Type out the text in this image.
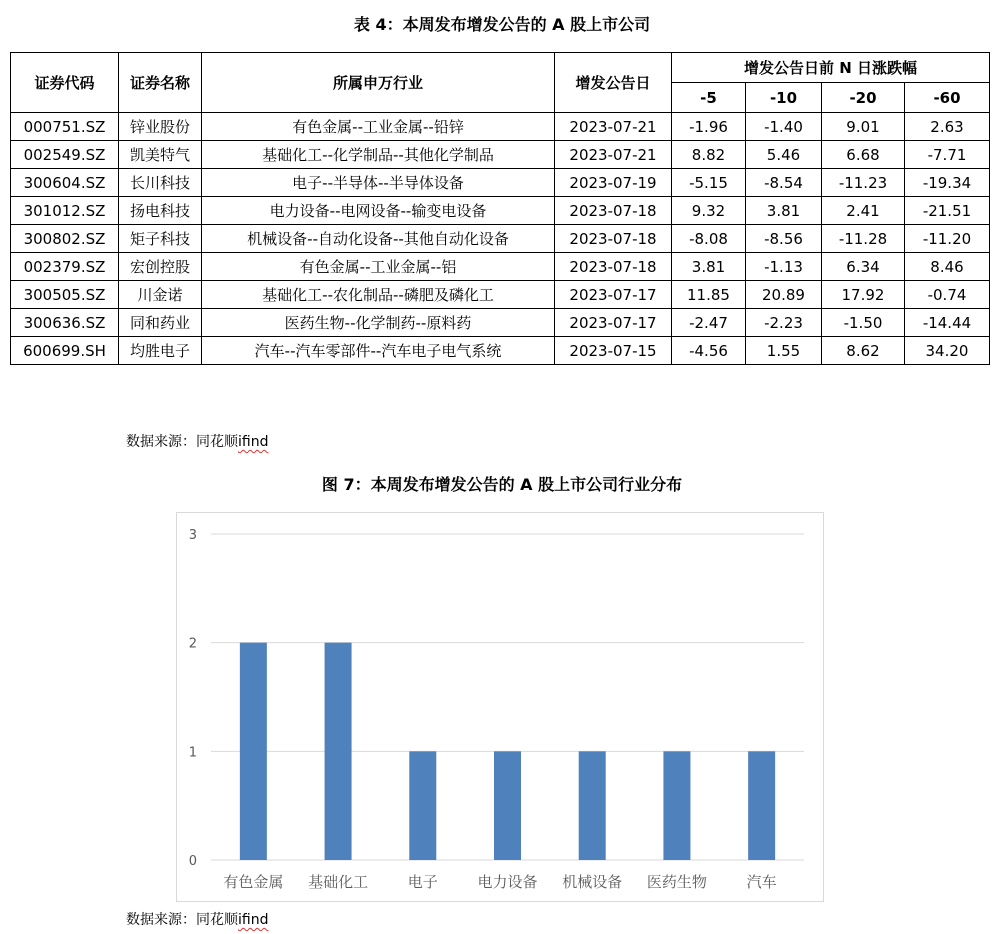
表 4：本周发布增发公告的 A 股上市公司
证券代码	证券名称	所属申万行业	增发公告日	增发公告日前 N 日涨跌幅			
				-5	-10	-20	-60
000751.SZ	锌业股份	有色金属--工业金属--铅锌	2023-07-21	-1.96	-1.40	9.01	2.63
002549.SZ	凯美特气	基础化工--化学制品--其他化学制品	2023-07-21	8.82	5.46	6.68	-7.71
300604.SZ	长川科技	电子--半导体--半导体设备	2023-07-19	-5.15	-8.54	-11.23	-19.34
301012.SZ	扬电科技	电力设备--电网设备--输变电设备	2023-07-18	9.32	3.81	2.41	-21.51
300802.SZ	矩子科技	机械设备--自动化设备--其他自动化设备	2023-07-18	-8.08	-8.56	-11.28	-11.20
002379.SZ	宏创控股	有色金属--工业金属--铝	2023-07-18	3.81	-1.13	6.34	8.46
300505.SZ	川金诺	基础化工--农化制品--磷肥及磷化工	2023-07-17	11.85	20.89	17.92	-0.74
300636.SZ	同和药业	医药生物--化学制药--原料药	2023-07-17	-2.47	-2.23	-1.50	-14.44
600699.SH	均胜电子	汽车--汽车零部件--汽车电子电气系统	2023-07-15	-4.56	1.55	8.62	34.20

数据来源：同花顺ifind

图 7：本周发布增发公告的 A 股上市公司行业分布
0
1
2
3
有色金属 基础化工	电子	电力设备 机械设备 医药生物	汽车

数据来源：同花顺ifind
